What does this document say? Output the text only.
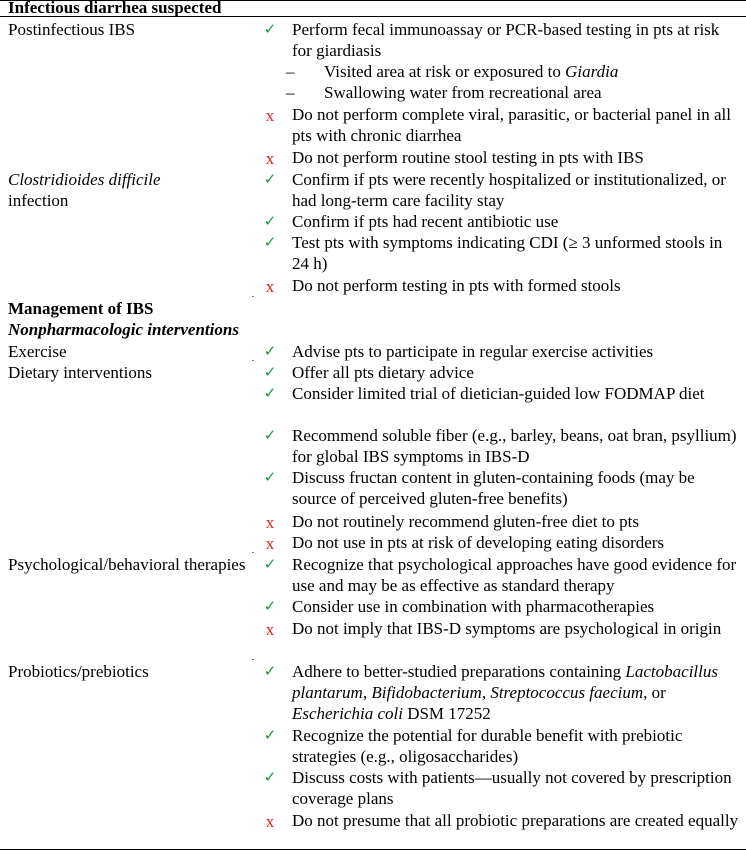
Infectious diarrhea suspected
Postinfectious IBS	✓ Perform fecal immunoassay or PCR-based testing in pts at risk for giardiasis
– Visited area at risk or exposured to Giardia
– Swallowing water from recreational area
x Do not perform complete viral, parasitic, or bacterial panel in all pts with chronic diarrhea
x Do not perform routine stool testing in pts with IBS
Clostridioides difficile
infection
✓ Confirm if pts were recently hospitalized or institutionalized, or had long-term care facility stay
✓ Confirm if pts had recent antibiotic use
✓ Test pts with symptoms indicating CDI (≥ 3 unformed stools in 24 h)
x Do not perform testing in pts with formed stools
Management of IBS
Nonpharmacologic interventions
Exercise	✓ Advise pts to participate in regular exercise activities
Dietary interventions	✓ Offer all pts dietary advice
✓ Consider limited trial of dietician-guided low FODMAP diet
✓ Recommend soluble fiber (e.g., barley, beans, oat bran, psyllium) for global IBS symptoms in IBS-D
✓ Discuss fructan content in gluten-containing foods (may be source of perceived gluten-free benefits)
x Do not routinely recommend gluten-free diet to pts
x Do not use in pts at risk of developing eating disorders
Psychological/behavioral therapies ✓ Recognize that psychological approaches have good evidence for use and may be as effective as standard therapy
✓ Consider use in combination with pharmacotherapies
x Do not imply that IBS-D symptoms are psychological in origin
Probiotics/prebiotics	✓ Adhere to better-studied preparations containing Lactobacillus plantarum, Bifidobacterium, Streptococcus faecium, or Escherichia coli DSM 17252
✓ Recognize the potential for durable benefit with prebiotic strategies (e.g., oligosaccharides)
✓ Discuss costs with patients—usually not covered by prescription coverage plans
x Do not presume that all probiotic preparations are created equally
